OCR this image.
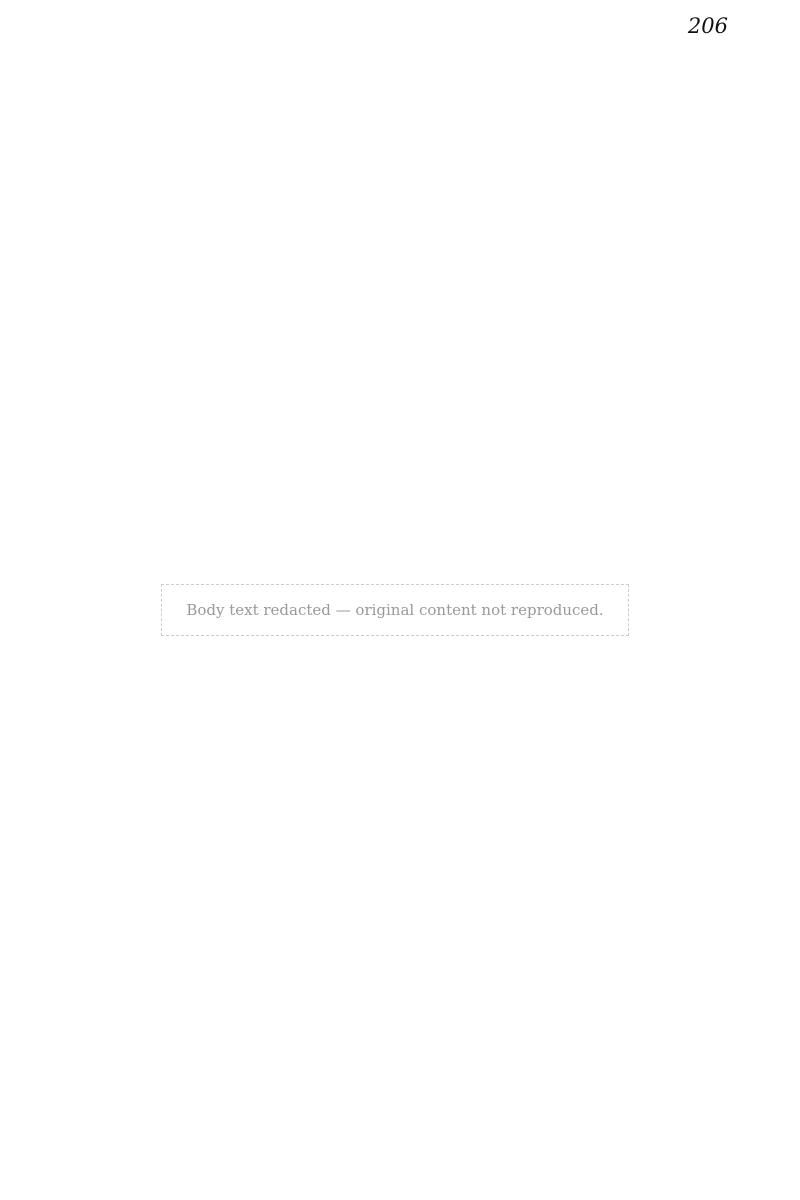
206
Body text redacted — original content not reproduced.
